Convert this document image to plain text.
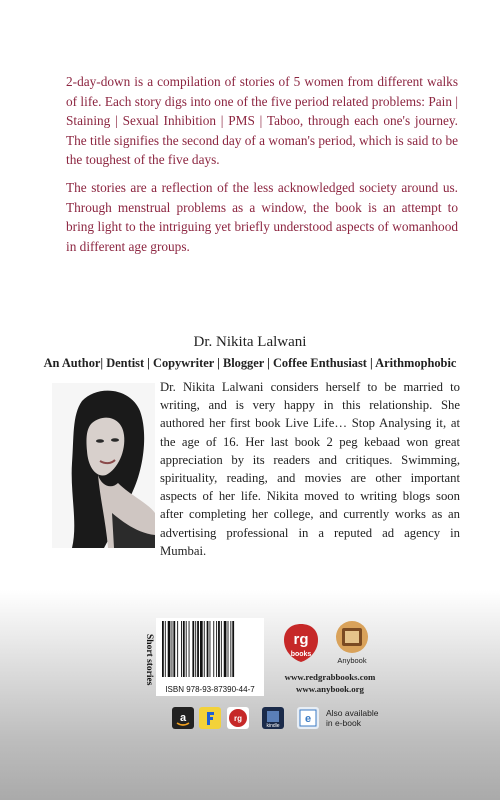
2-day-down is a compilation of stories of 5 women from different walks of life. Each story digs into one of the five period related problems: Pain | Staining | Sexual Inhibition | PMS | Taboo, through each one's journey. The title signifies the second day of a woman's period, which is said to be the toughest of the five days.

The stories are a reflection of the less acknowledged society around us. Through menstrual problems as a window, the book is an attempt to bring light to the intriguing yet briefly understood aspects of womanhood in different age groups.

Dr. Nikita Lalwani
An Author| Dentist | Copywriter | Blogger | Coffee Enthusiast | Arithmophobic
Dr. Nikita Lalwani considers herself to be married to writing, and is very happy in this relationship. She authored her first book Live Life… Stop Analysing it, at the age of 16. Her last book 2 peg kebaad won great appreciation by its readers and critiques. Swimming, spirituality, reading, and movies are other important aspects of her life. Nikita moved to writing blogs soon after completing her college, and currently works as an advertising professional in a reputed ad agency in Mumbai.
Short stories
ISBN 978-93-87390-44-7
rg
books
Anybook
www.redgrabbooks.com
www.anybook.org
a	rg
kindle
e Also available in e-book
